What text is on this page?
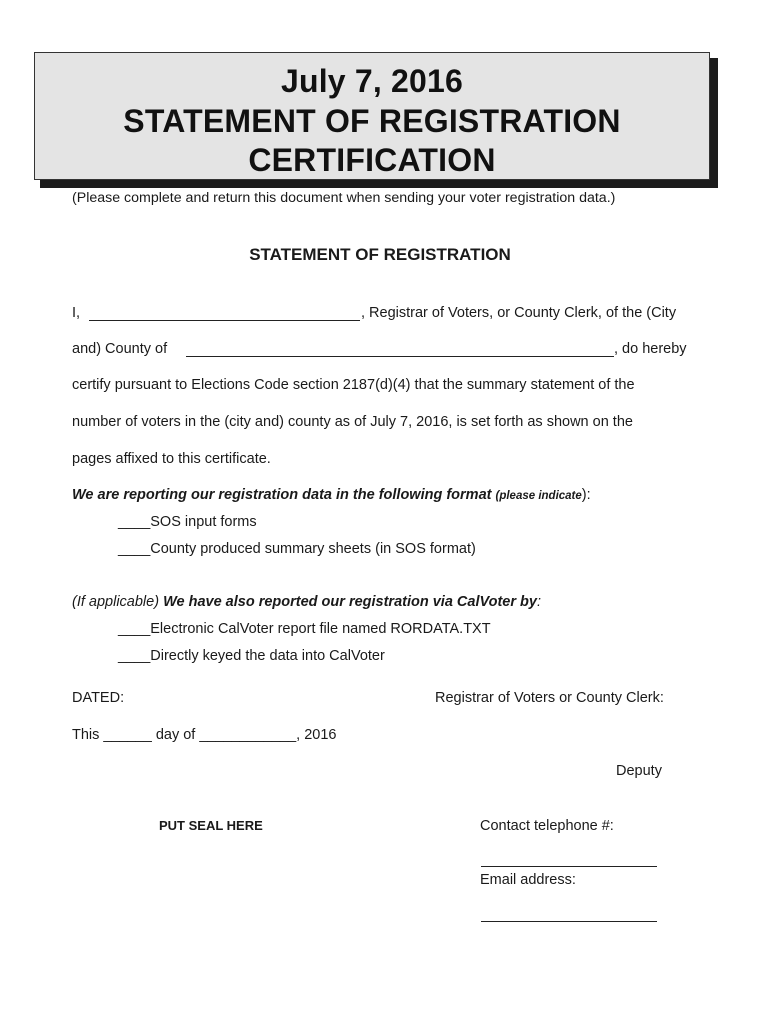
July 7, 2016
STATEMENT OF REGISTRATION
CERTIFICATION
(Please complete and return this document when sending your voter registration data.)
STATEMENT OF REGISTRATION
I,	, Registrar of Voters, or County Clerk, of the (City
and) County of	, do hereby
certify pursuant to Elections Code section 2187(d)(4) that the summary statement of the
number of voters in the (city and) county as of July 7, 2016, is set forth as shown on the
pages affixed to this certificate.
We are reporting our registration data in the following format (please indicate):
____SOS input forms
____County produced summary sheets (in SOS format)
(If applicable) We have also reported our registration via CalVoter by:
____Electronic CalVoter report file named RORDATA.TXT
____Directly keyed the data into CalVoter
DATED:	Registrar of Voters or County Clerk:
This ______ day of ____________, 2016
Deputy
PUT SEAL HERE	Contact telephone #:
Email address:
